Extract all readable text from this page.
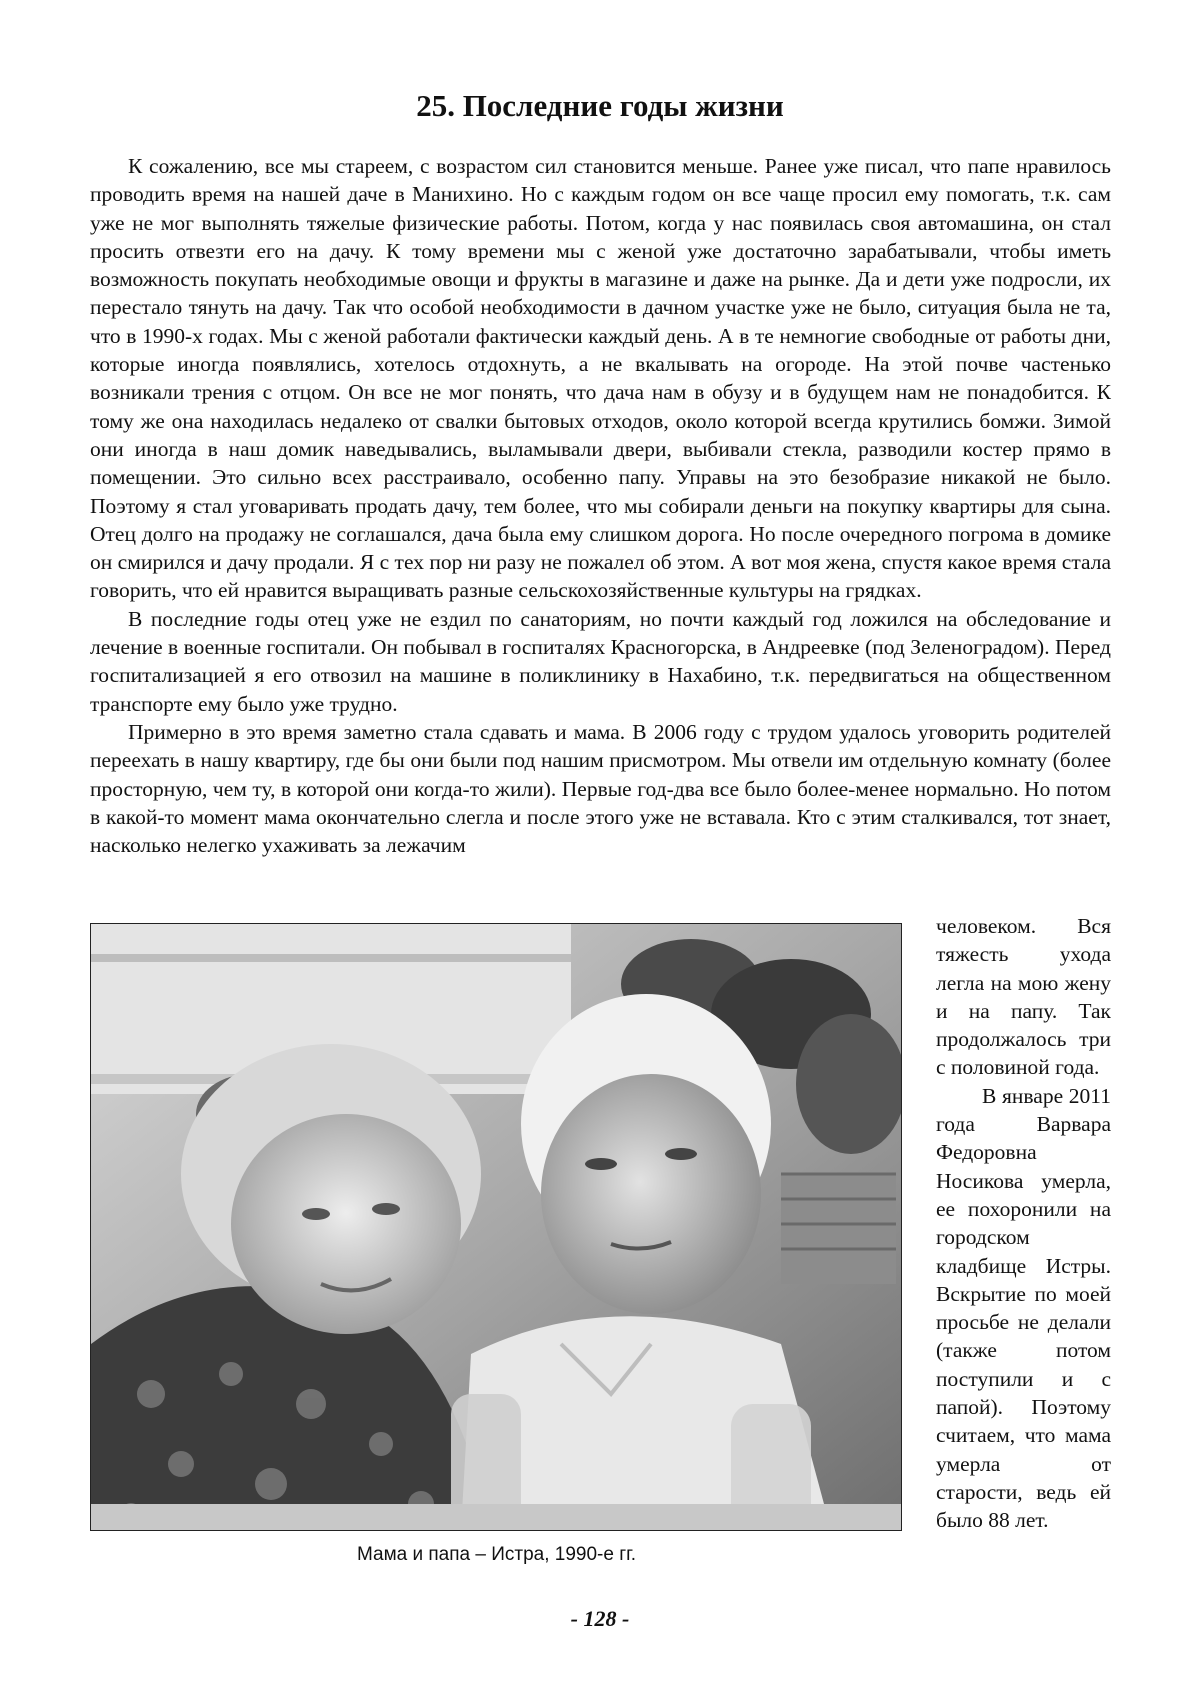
25. Последние годы жизни

К сожалению, все мы стареем, с возрастом сил становится меньше. Ранее уже писал, что папе нравилось проводить время на нашей даче в Манихино. Но с каждым годом он все чаще просил ему помогать, т.к. сам уже не мог выполнять тяжелые физические работы. Потом, когда у нас появилась своя автомашина, он стал просить отвезти его на дачу. К тому времени мы с женой уже достаточно зарабатывали, чтобы иметь возможность покупать необходимые овощи и фрукты в магазине и даже на рынке. Да и дети уже подросли, их перестало тянуть на дачу. Так что особой необходимости в дачном участке уже не было, ситуация была не та, что в 1990-х годах. Мы с женой работали фактически каждый день. А в те немногие свободные от работы дни, которые иногда появлялись, хотелось отдохнуть, а не вкалывать на огороде. На этой почве частенько возникали трения с отцом. Он все не мог понять, что дача нам в обузу и в будущем нам не понадобится. К тому же она находилась недалеко от свалки бытовых отходов, около которой всегда крутились бомжи. Зимой они иногда в наш домик наведывались, выламывали двери, выбивали стекла, разводили костер прямо в помещении. Это сильно всех расстраивало, особенно папу. Управы на это безобразие никакой не было. Поэтому я стал уговаривать продать дачу, тем более, что мы собирали деньги на покупку квартиры для сына. Отец долго на продажу не соглашался, дача была ему слишком дорога. Но после очередного погрома в домике он смирился и дачу продали. Я с тех пор ни разу не пожалел об этом. А вот моя жена, спустя какое время стала говорить, что ей нравится выращивать разные сельскохозяйственные культуры на грядках.

В последние годы отец уже не ездил по санаториям, но почти каждый год ложился на обследование и лечение в военные госпитали. Он побывал в госпиталях Красногорска, в Андреевке (под Зеленоградом). Перед госпитализацией я его отвозил на машине в поликлинику в Нахабино, т.к. передвигаться на общественном транспорте ему было уже трудно.

Примерно в это время заметно стала сдавать и мама. В 2006 году с трудом удалось уговорить родителей переехать в нашу квартиру, где бы они были под нашим присмотром. Мы отвели им отдельную комнату (более просторную, чем ту, в которой они когда-то жили). Первые год-два все было более-менее нормально. Но потом в какой-то момент мама окончательно слегла и после этого уже не вставала. Кто с этим сталкивался, тот знает, насколько нелегко ухаживать за лежачим

Мама и папа – Истра, 1990-е гг.

человеком. Вся тяжесть ухода легла на мою жену и на папу. Так продолжалось три с половиной года.

В январе 2011 года Варвара Федоровна Носикова умерла, ее похоронили на городском кладбище Истры. Вскрытие по моей просьбе не делали (также потом поступили и с папой). Поэтому считаем, что мама умерла от старости, ведь ей было 88 лет.

- 128 -
